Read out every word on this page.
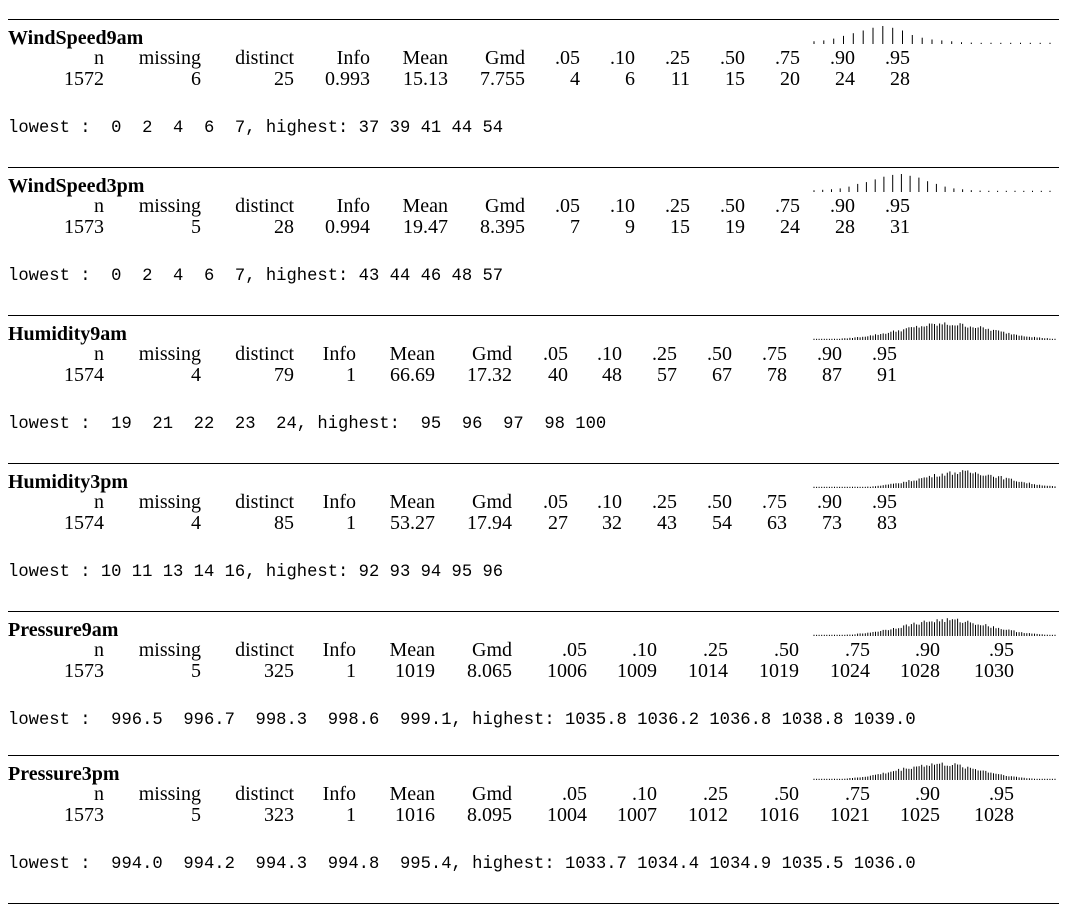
WindSpeed9am
n missing distinct Info Mean Gmd .05 .10 .25 .50 .75 .90 .95
1572	6	25 0.993 15.13 7.755 4 6 11 15 20 24 28
lowest :  0  2  4  6  7, highest: 37 39 41 44 54
WindSpeed3pm
n missing distinct Info Mean Gmd .05 .10 .25 .50 .75 .90 .95
1573	5	28 0.994 19.47 8.395 7 9 15 19 24 28 31
lowest :  0  2  4  6  7, highest: 43 44 46 48 57
Humidity9am
n missing distinct Info Mean Gmd .05 .10 .25 .50 .75 .90 .95
1574	4	79	1 66.69 17.32 40 48 57 67 78 87 91
lowest :  19  21  22  23  24, highest:  95  96  97  98 100
Humidity3pm
n missing distinct Info Mean Gmd .05 .10 .25 .50 .75 .90 .95
1574	4	85	1 53.27 17.94 27 32 43 54 63 73 83
lowest : 10 11 13 14 16, highest: 92 93 94 95 96
Pressure9am
n missing distinct Info Mean Gmd	.05 .10 .25 .50 .75 .90 .95
1573	5	325	1 1019 8.065 1006 1009 1014 1019 1024 1028 1030
lowest :  996.5  996.7  998.3  998.6  999.1, highest: 1035.8 1036.2 1036.8 1038.8 1039.0
Pressure3pm
n missing distinct Info Mean Gmd	.05 .10 .25 .50 .75 .90 .95
1573	5	323	1 1016 8.095 1004 1007 1012 1016 1021 1025 1028
lowest :  994.0  994.2  994.3  994.8  995.4, highest: 1033.7 1034.4 1034.9 1035.5 1036.0
